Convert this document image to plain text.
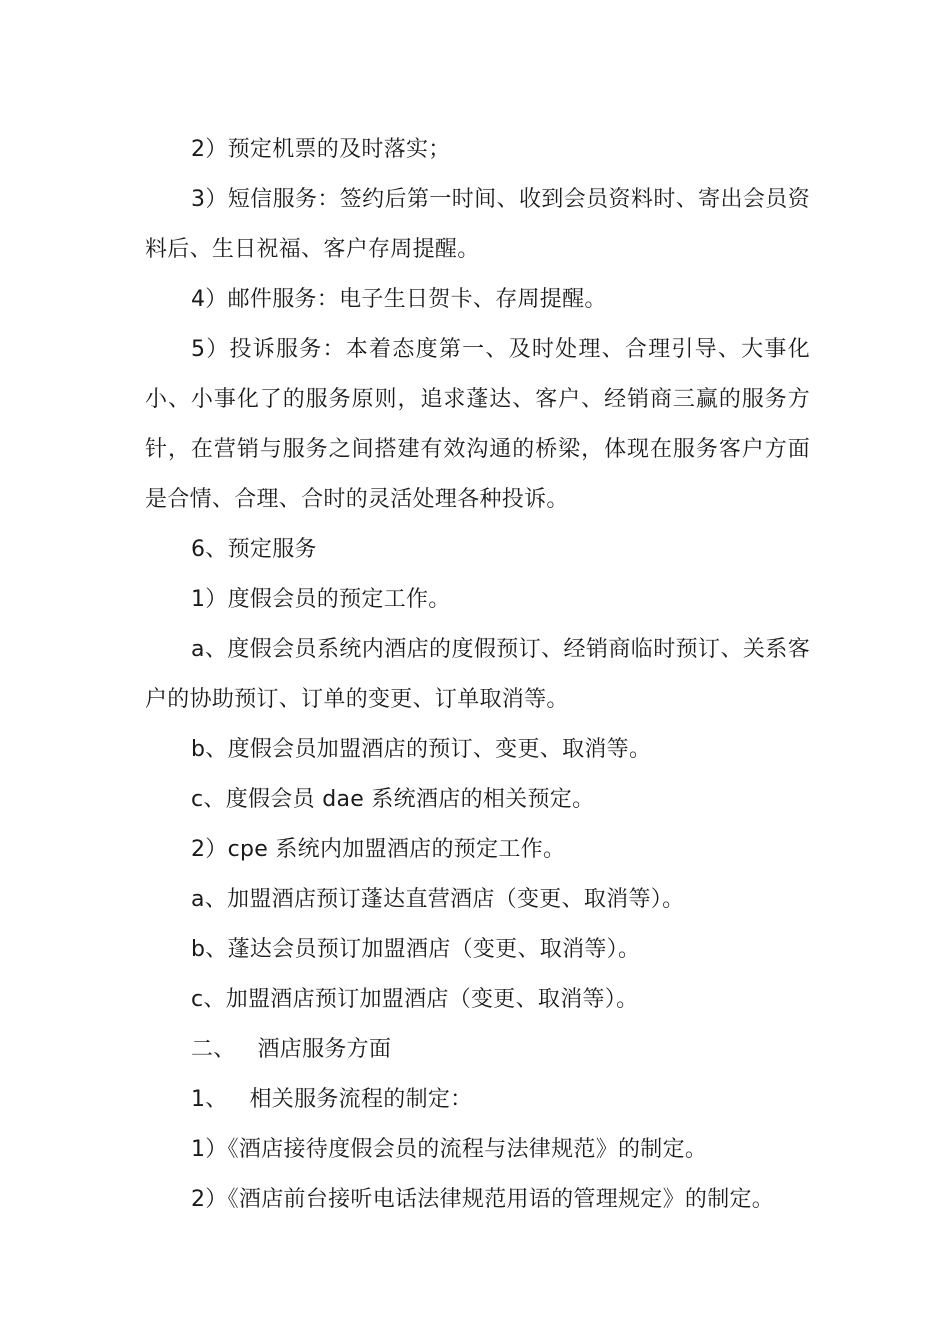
2）预定机票的及时落实；

3）短信服务：签约后第一时间、收到会员资料时、寄出会员资料后、生日祝福、客户存周提醒。

4）邮件服务：电子生日贺卡、存周提醒。

5）投诉服务：本着态度第一、及时处理、合理引导、大事化小、小事化了的服务原则，追求蓬达、客户、经销商三赢的服务方针，在营销与服务之间搭建有效沟通的桥梁，体现在服务客户方面是合情、合理、合时的灵活处理各种投诉。

6、预定服务

1）度假会员的预定工作。

a、度假会员系统内酒店的度假预订、经销商临时预订、关系客户的协助预订、订单的变更、订单取消等。

b、度假会员加盟酒店的预订、变更、取消等。

c、度假会员 dae 系统酒店的相关预定。

2）cpe 系统内加盟酒店的预定工作。

a、加盟酒店预订蓬达直营酒店（变更、取消等）。

b、蓬达会员预订加盟酒店（变更、取消等）。

c、加盟酒店预订加盟酒店（变更、取消等）。

二、   酒店服务方面

1、   相关服务流程的制定：

1）《酒店接待度假会员的流程与法律规范》的制定。

2）《酒店前台接听电话法律规范用语的管理规定》的制定。
